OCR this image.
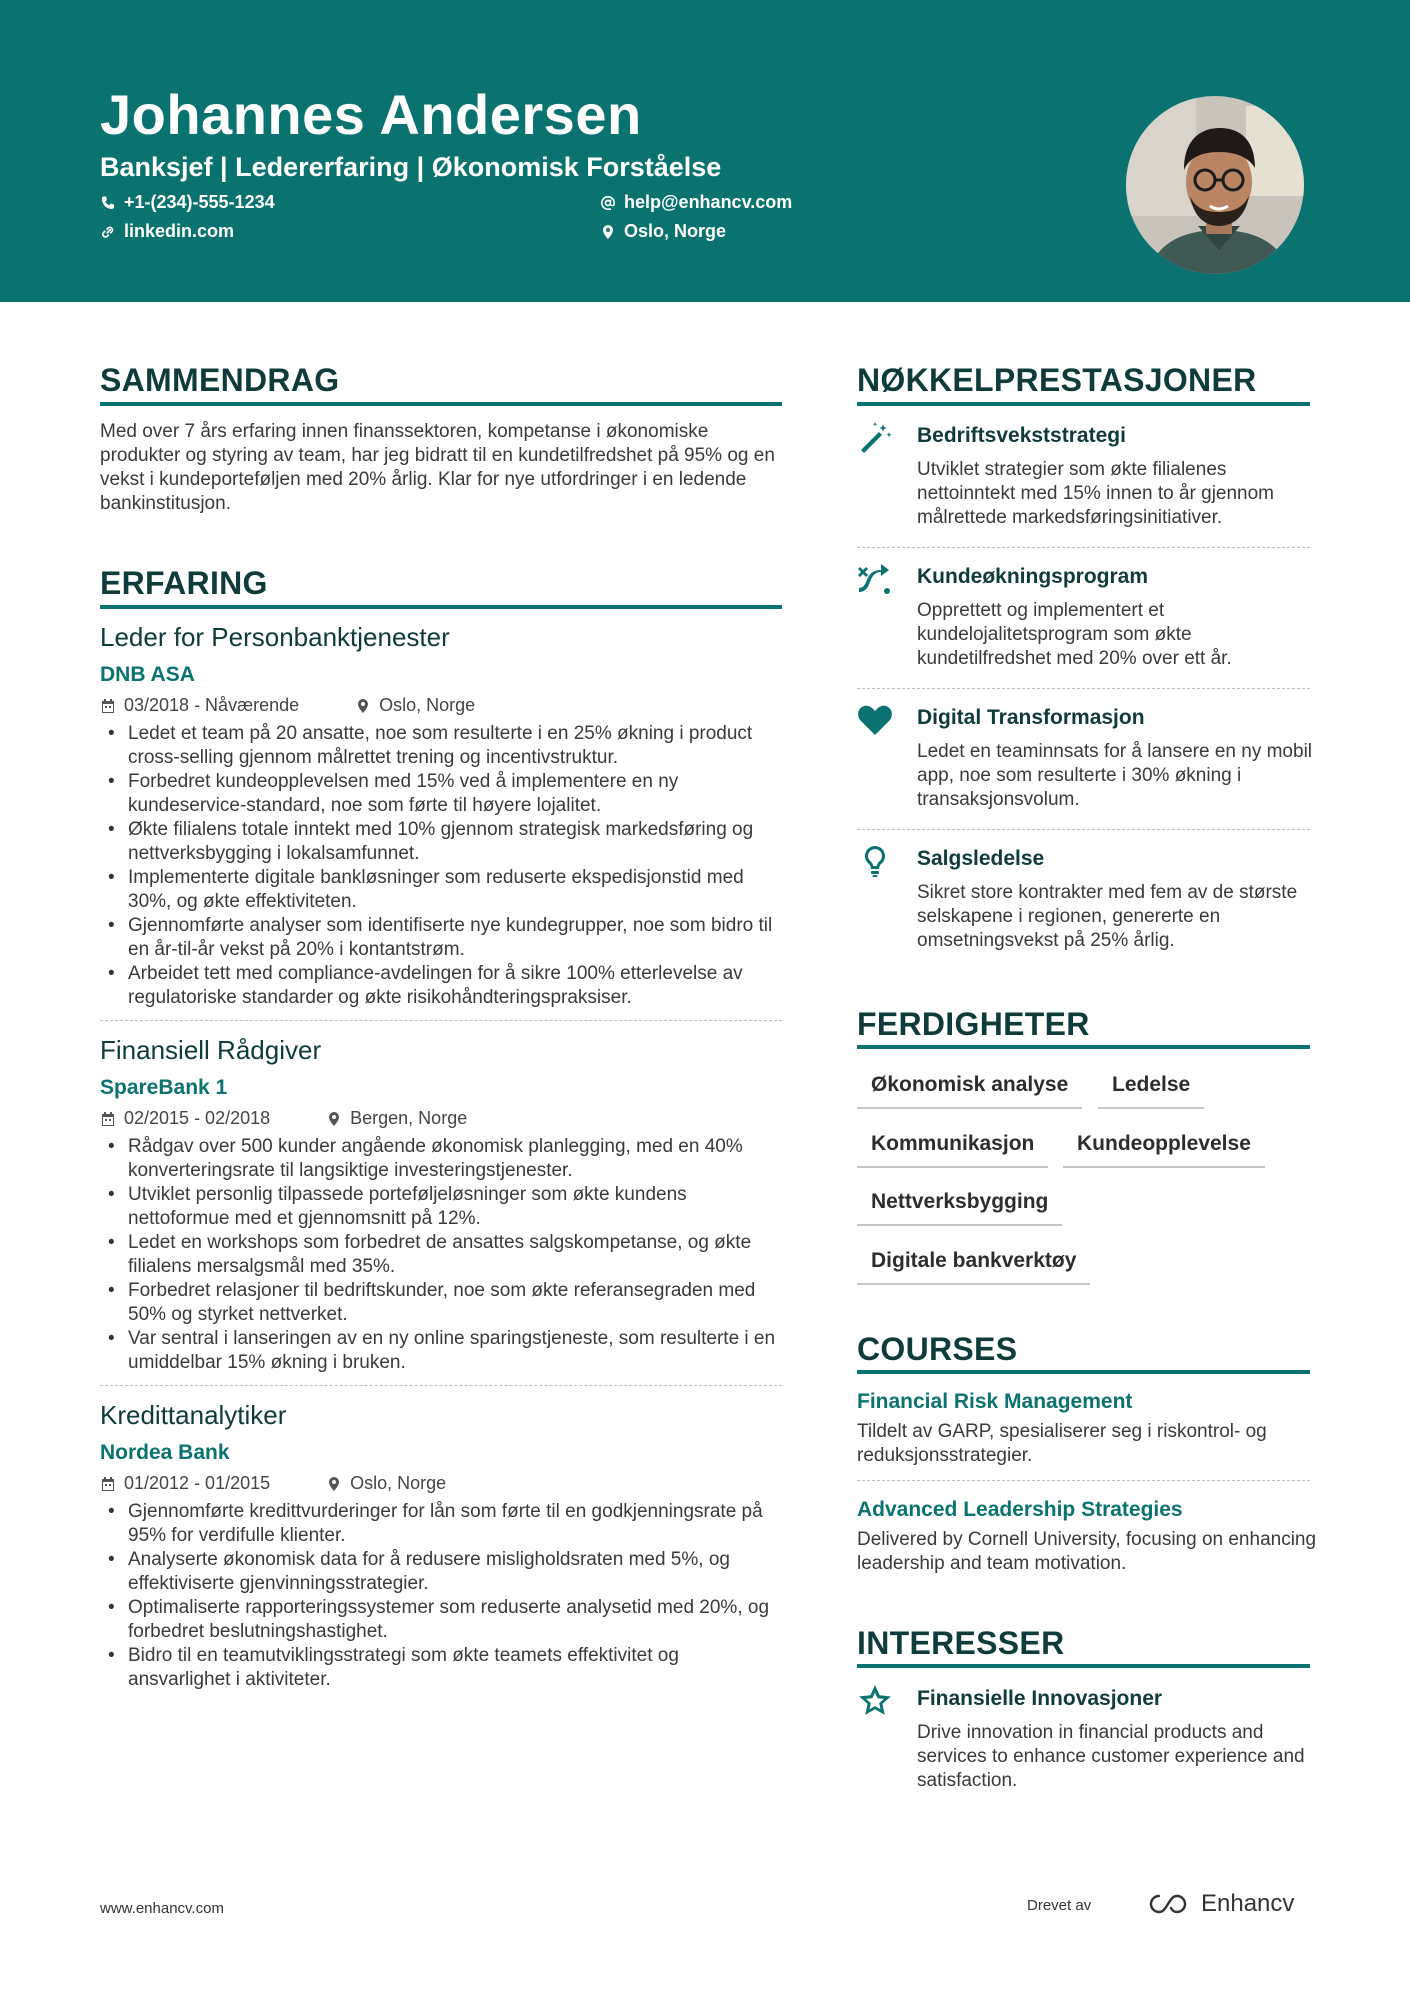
Johannes Andersen
Banksjef | Ledererfaring | Økonomisk Forståelse
+1-(234)-555-1234	help@enhancv.com
linkedin.com	Oslo, Norge
SAMMENDRAG
Med over 7 års erfaring innen finanssektoren, kompetanse i økonomiske produkter og styring av team, har jeg bidratt til en kundetilfredshet på 95% og en vekst i kundeporteføljen med 20% årlig. Klar for nye utfordringer i en ledende bankinstitusjon.
ERFARING
Leder for Personbanktjenester
DNB ASA
03/2018 - Nåværende	Oslo, Norge
• Ledet et team på 20 ansatte, noe som resulterte i en 25% økning i product cross-selling gjennom målrettet trening og incentivstruktur.
• Forbedret kundeopplevelsen med 15% ved å implementere en ny kundeservice-standard, noe som førte til høyere lojalitet.
• Økte filialens totale inntekt med 10% gjennom strategisk markedsføring og nettverksbygging i lokalsamfunnet.
• Implementerte digitale bankløsninger som reduserte ekspedisjonstid med 30%, og økte effektiviteten.
• Gjennomførte analyser som identifiserte nye kundegrupper, noe som bidro til en år-til-år vekst på 20% i kontantstrøm.
• Arbeidet tett med compliance-avdelingen for å sikre 100% etterlevelse av regulatoriske standarder og økte risikohåndteringspraksiser.
Finansiell Rådgiver
SpareBank 1
02/2015 - 02/2018	Bergen, Norge
• Rådgav over 500 kunder angående økonomisk planlegging, med en 40% konverteringsrate til langsiktige investeringstjenester.
• Utviklet personlig tilpassede porteføljeløsninger som økte kundens nettoformue med et gjennomsnitt på 12%.
• Ledet en workshops som forbedret de ansattes salgskompetanse, og økte filialens mersalgsmål med 35%.
• Forbedret relasjoner til bedriftskunder, noe som økte referansegraden med 50% og styrket nettverket.
• Var sentral i lanseringen av en ny online sparingstjeneste, som resulterte i en umiddelbar 15% økning i bruken.
Kredittanalytiker
Nordea Bank
01/2012 - 01/2015	Oslo, Norge
• Gjennomførte kredittvurderinger for lån som førte til en godkjenningsrate på 95% for verdifulle klienter.
• Analyserte økonomisk data for å redusere misligholdsraten med 5%, og effektiviserte gjenvinningsstrategier.
• Optimaliserte rapporteringssystemer som reduserte analysetid med 20%, og forbedret beslutningshastighet.
• Bidro til en teamutviklingsstrategi som økte teamets effektivitet og ansvarlighet i aktiviteter.
NØKKELPRESTASJONER
Bedriftsvekststrategi
Utviklet strategier som økte filialenes nettoinntekt med 15% innen to år gjennom målrettede markedsføringsinitiativer.
Kundeøkningsprogram
Opprettett og implementert et kundelojalitetsprogram som økte kundetilfredshet med 20% over ett år.
Digital Transformasjon
Ledet en teaminnsats for å lansere en ny mobil app, noe som resulterte i 30% økning i transaksjonsvolum.
Salgsledelse
Sikret store kontrakter med fem av de største selskapene i regionen, genererte en omsetningsvekst på 25% årlig.
FERDIGHETER
Økonomisk analyse	Ledelse
Kommunikasjon	Kundeopplevelse
Nettverksbygging
Digitale bankverktøy
COURSES
Financial Risk Management
Tildelt av GARP, spesialiserer seg i riskontrol- og reduksjonsstrategier.
Advanced Leadership Strategies
Delivered by Cornell University, focusing on enhancing leadership and team motivation.
INTERESSER
Finansielle Innovasjoner
Drive innovation in financial products and services to enhance customer experience and satisfaction.
www.enhancv.com	Drevet av	Enhancv
